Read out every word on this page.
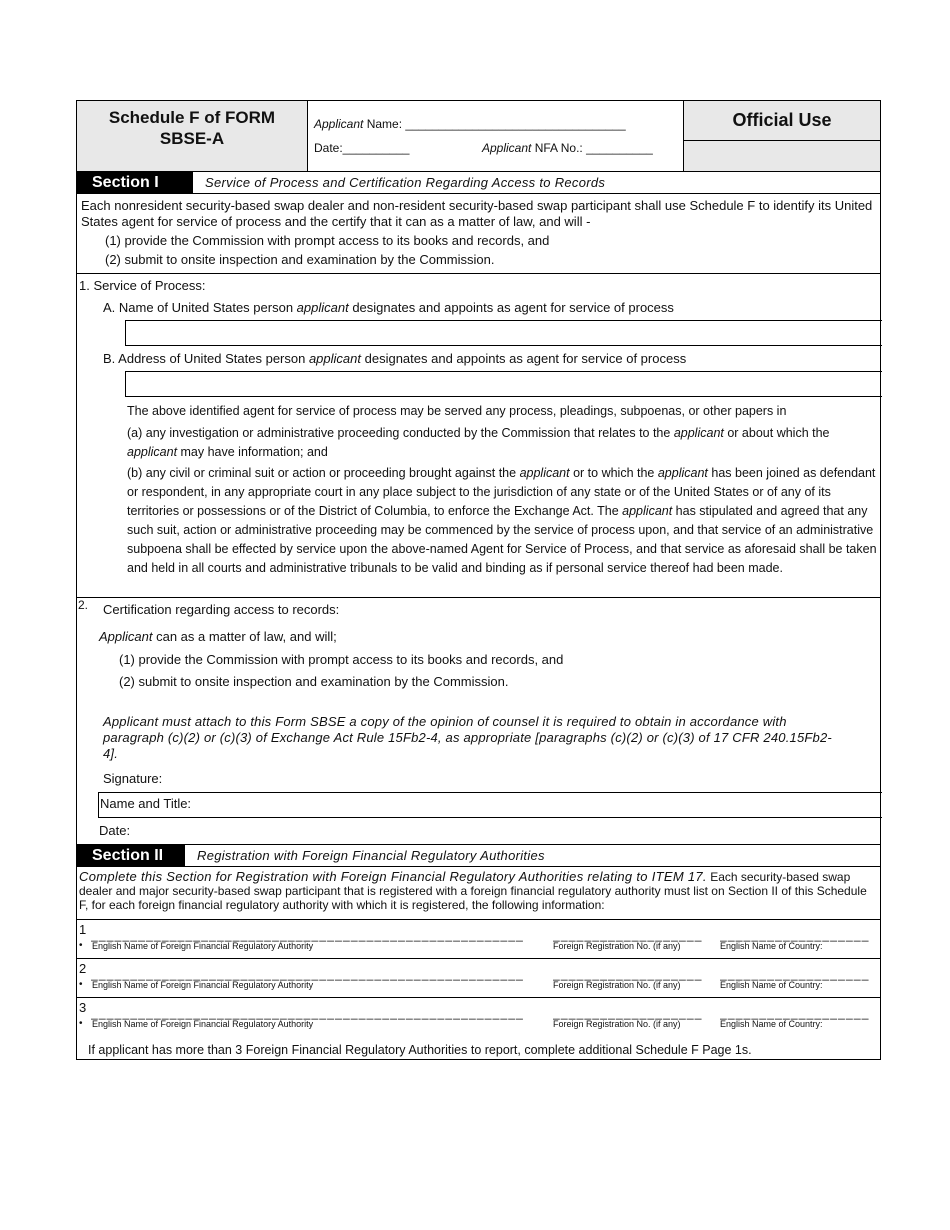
Schedule F of FORM
SBSE-A
Applicant Name: _________________________________
Date:__________	Applicant NFA No.: __________
Official Use
Section I	Service of Process and Certification Regarding Access to Records
Each nonresident security-based swap dealer and non-resident security-based swap participant shall use Schedule F to identify its United States agent for service of process and the certify that it can as a matter of law, and will -
(1) provide the Commission with prompt access to its books and records, and
(2) submit to onsite inspection and examination by the Commission.
1. Service of Process:
A. Name of United States person applicant designates and appoints as agent for service of process
B. Address of United States person applicant designates and appoints as agent for service of process
The above identified agent for service of process may be served any process, pleadings, subpoenas, or other papers in
(a) any investigation or administrative proceeding conducted by the Commission that relates to the applicant or about which the applicant may have information; and
(b) any civil or criminal suit or action or proceeding brought against the applicant or to which the applicant has been joined as defendant or respondent, in any appropriate court in any place subject to the jurisdiction of any state or of the United States or of any of its territories or possessions or of the District of Columbia, to enforce the Exchange Act. The applicant has stipulated and agreed that any such suit, action or administrative proceeding may be commenced by the service of process upon, and that service of an administrative subpoena shall be effected by service upon the above-named Agent for Service of Process, and that service as aforesaid shall be taken and held in all courts and administrative tribunals to be valid and binding as if personal service thereof had been made.
2. Certification regarding access to records:
Applicant can as a matter of law, and will;
(1) provide the Commission with prompt access to its books and records, and
(2) submit to onsite inspection and examination by the Commission.
Applicant must attach to this Form SBSE a copy of the opinion of counsel it is required to obtain in accordance with paragraph (c)(2) or (c)(3) of Exchange Act Rule 15Fb2-4, as appropriate [paragraphs (c)(2) or (c)(3) of 17 CFR 240.15Fb2-4].
Signature:
Name and Title:
Date:
Section II	Registration with Foreign Financial Regulatory Authorities
Complete this Section for Registration with Foreign Financial Regulatory Authorities relating to ITEM 17. Each security-based swap dealer and major security-based swap participant that is registered with a foreign financial regulatory authority must list on Section II of this Schedule F, for each foreign financial regulatory authority with which it is registered, the following information:
1
•
_______________________________________________________ ___________________ ___________________
English Name of Foreign Financial Regulatory Authority	Foreign Registration No. (if any)	English Name of Country:
2
•
_______________________________________________________ ___________________ ___________________
English Name of Foreign Financial Regulatory Authority	Foreign Registration No. (if any)	English Name of Country:
3
•
_______________________________________________________ ___________________ ___________________
English Name of Foreign Financial Regulatory Authority	Foreign Registration No. (if any)	English Name of Country:
If applicant has more than 3 Foreign Financial Regulatory Authorities to report, complete additional Schedule F Page 1s.
